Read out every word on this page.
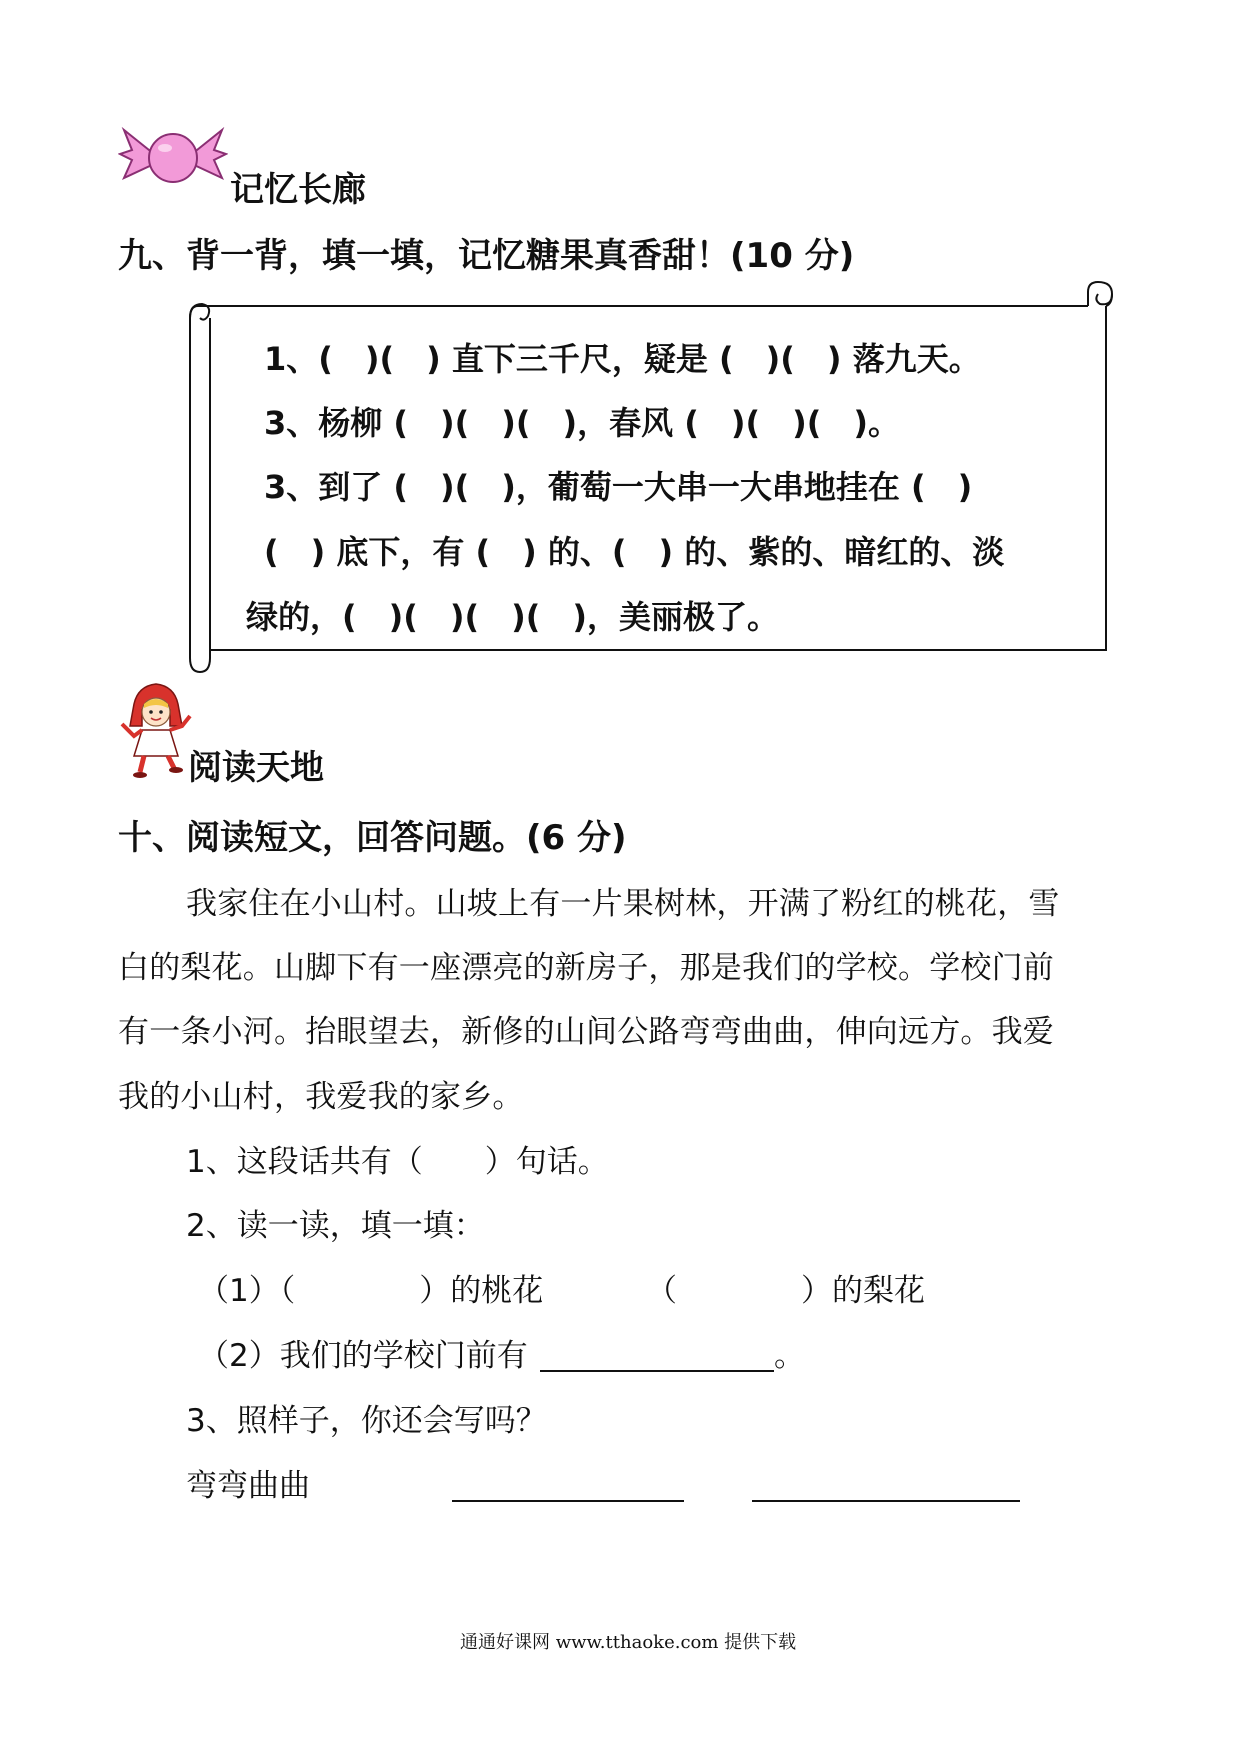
记忆长廊
九、背一背，填一填，记忆糖果真香甜！(10 分)
1、(　)(　) 直下三千尺，疑是 (　)(　) 落九天。
3、杨柳 (　)(　)(　)，春风 (　)(　)(　)。
3、到了 (　)(　)，葡萄一大串一大串地挂在 (　)
(　) 底下，有 (　) 的、(　) 的、紫的、暗红的、淡
绿的，(　)(　)(　)(　)，美丽极了。
阅读天地
十、阅读短文，回答问题。(6 分)
我家住在小山村。山坡上有一片果树林，开满了粉红的桃花，雪
白的梨花。山脚下有一座漂亮的新房子，那是我们的学校。学校门前
有一条小河。抬眼望去，新修的山间公路弯弯曲曲，伸向远方。我爱
我的小山村，我爱我的家乡。
1、这段话共有（　　）句话。
2、读一读，填一填：
（1）（　　　　）的桃花	（　　　　）的梨花
（2）我们的学校门前有	。
3、照样子，你还会写吗？
弯弯曲曲
通通好课网 www.tthaoke.com 提供下载
